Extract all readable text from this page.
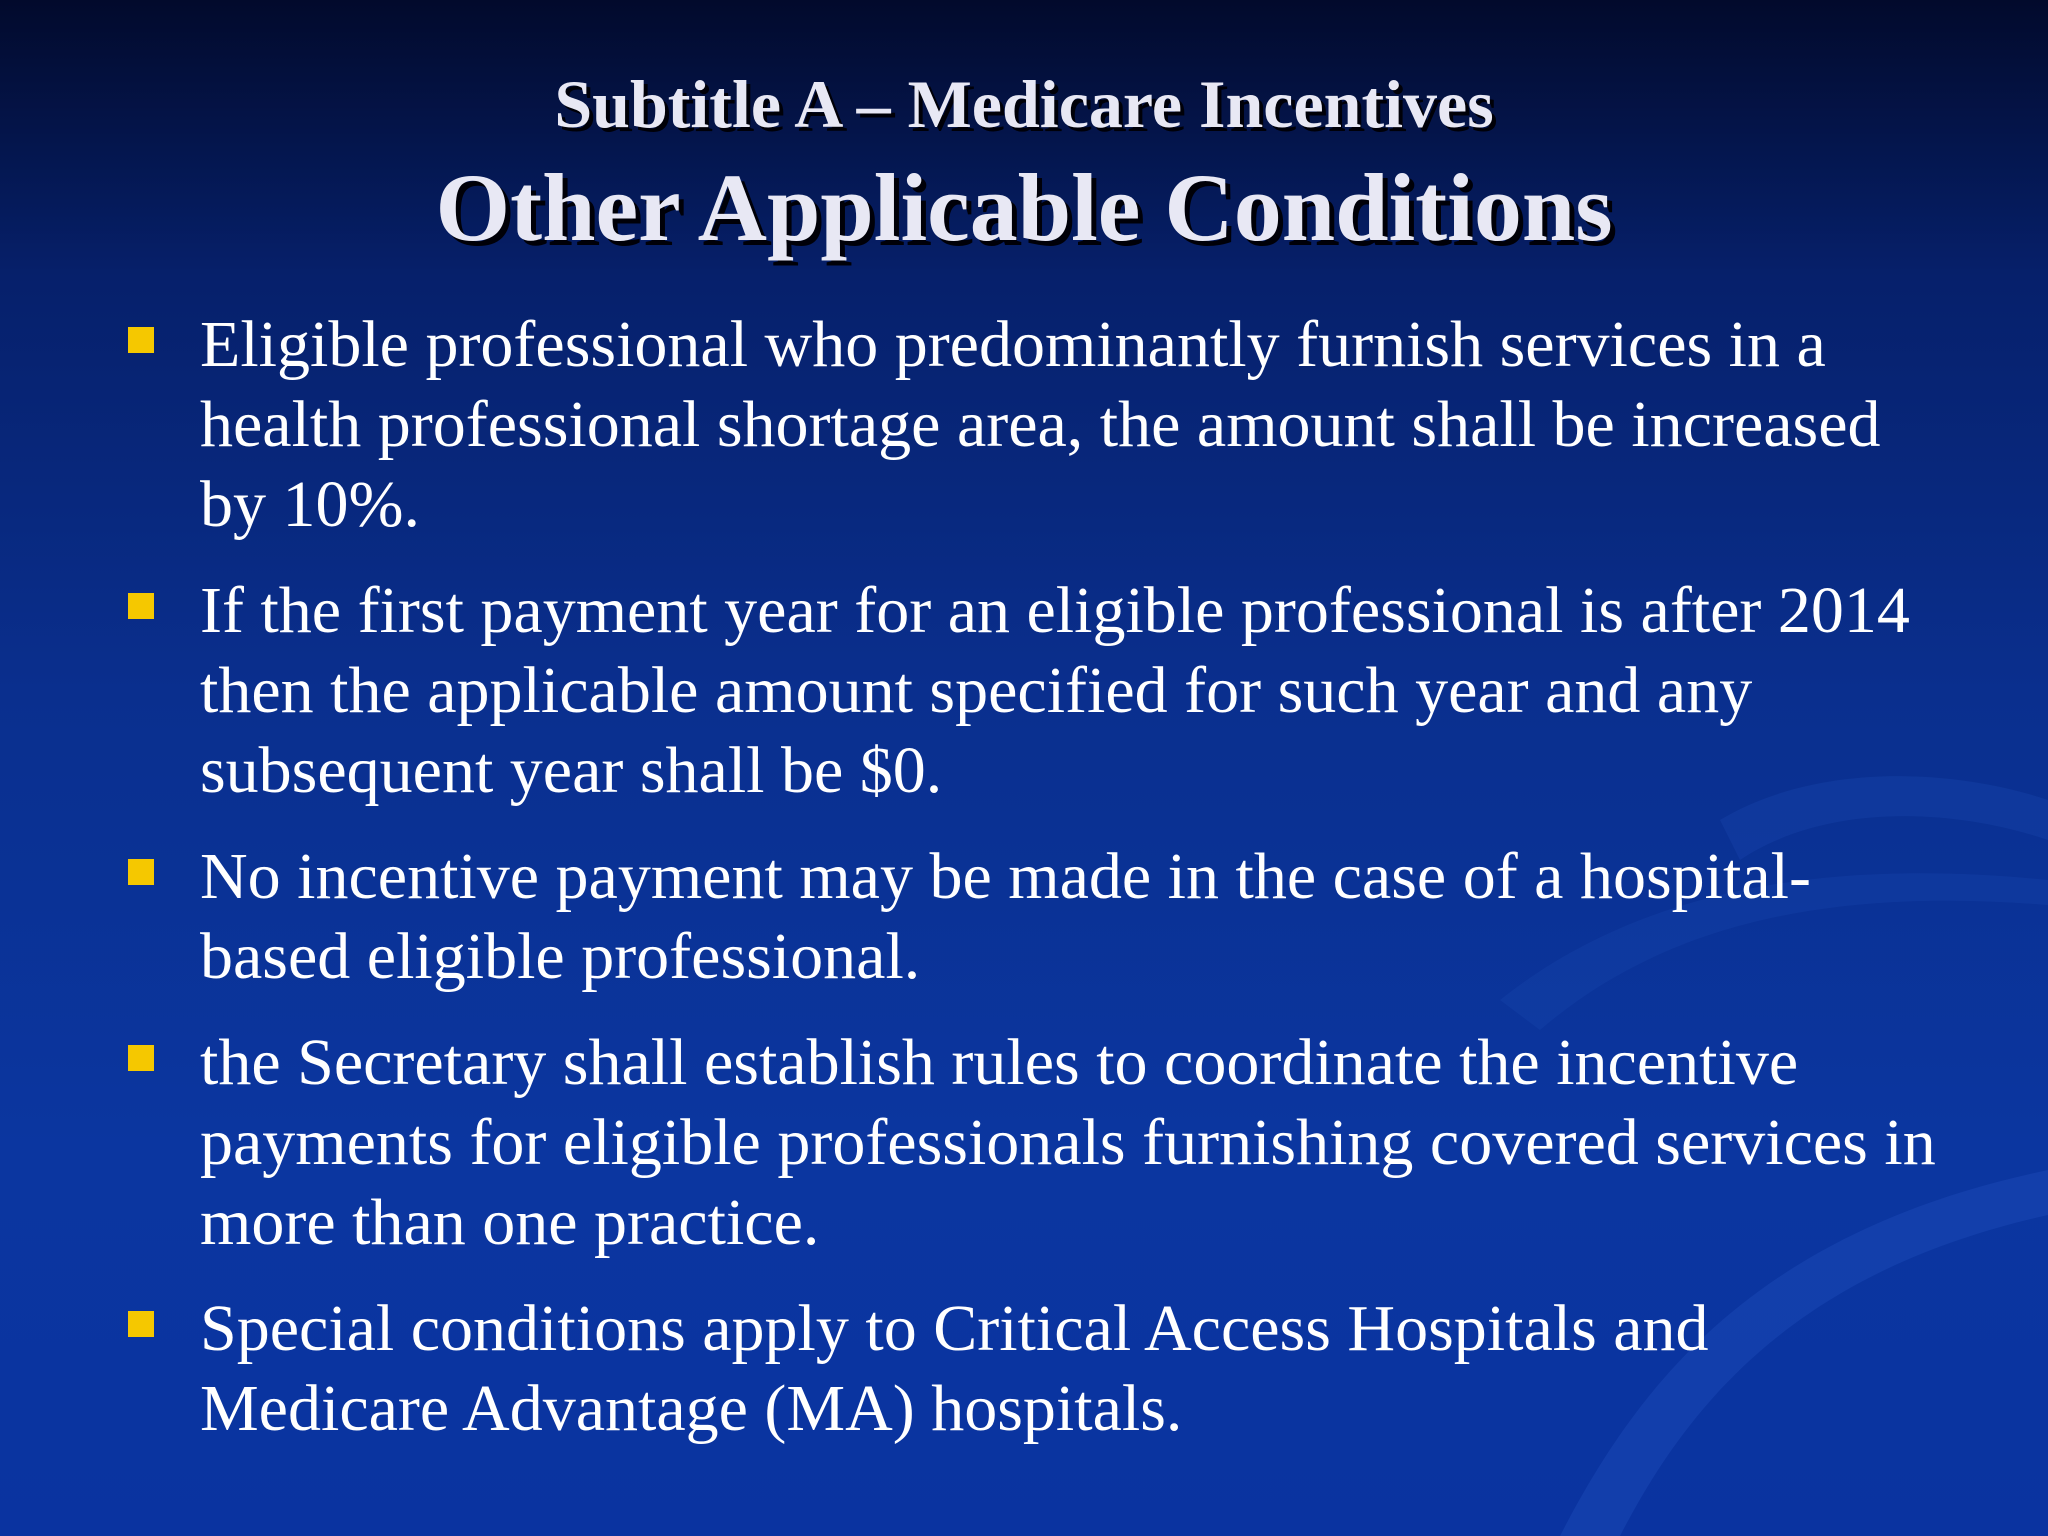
Subtitle A – Medicare Incentives
Other Applicable Conditions
Eligible professional who predominantly furnish services in a health professional shortage area, the amount shall be increased by 10%.
If the first payment year for an eligible professional is after 2014 then the applicable amount specified for such year and any subsequent year shall be $0.
No incentive payment may be made in the case of a hospital-based eligible professional.
the Secretary shall establish rules to coordinate the incentive payments for eligible professionals furnishing covered services in more than one practice.
Special conditions apply to Critical Access Hospitals and Medicare Advantage (MA) hospitals.
